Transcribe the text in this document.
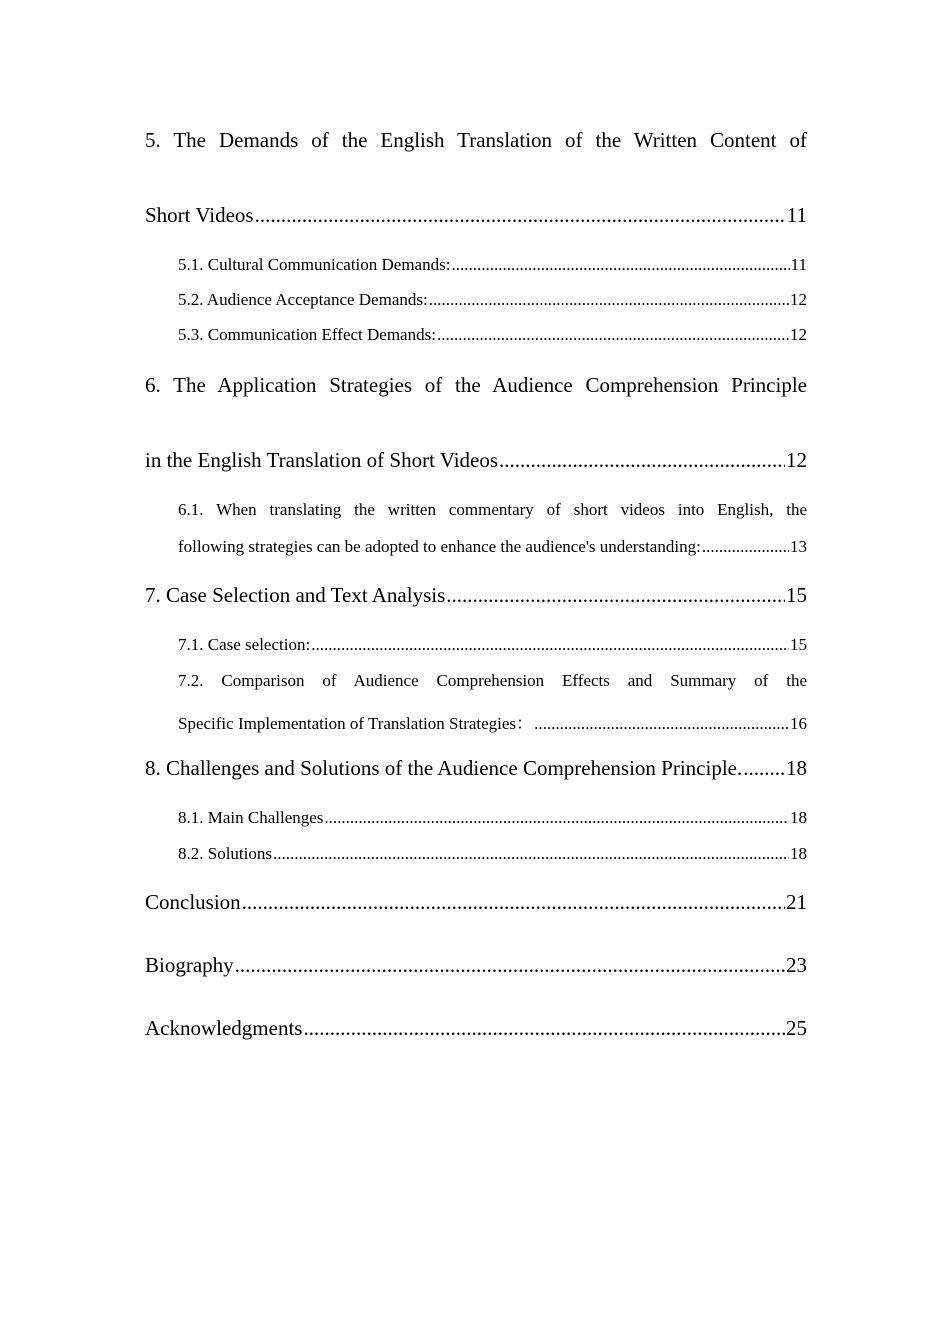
5. The Demands of the English Translation of the Written Content of
Short Videos .....	11
5.1. Cultural Communication Demands: .....	11
5.2. Audience Acceptance Demands: .....	12
5.3. Communication Effect Demands: .....	12
6. The Application Strategies of the Audience Comprehension Principle
in the English Translation of Short Videos .....	12
6.1. When translating the written commentary of short videos into English, the
following strategies can be adopted to enhance the audience's understanding: .....	13
7. Case Selection and Text Analysis .....	15
7.1. Case selection: .....	15
7.2. Comparison of Audience Comprehension Effects and Summary of the
Specific Implementation of Translation Strategies： .....	16
8. Challenges and Solutions of the Audience Comprehension Principle. ..... 18
8.1. Main Challenges .....	18
8.2. Solutions .....	18
Conclusion .....	21
Biography .....	23
Acknowledgments .....	25
